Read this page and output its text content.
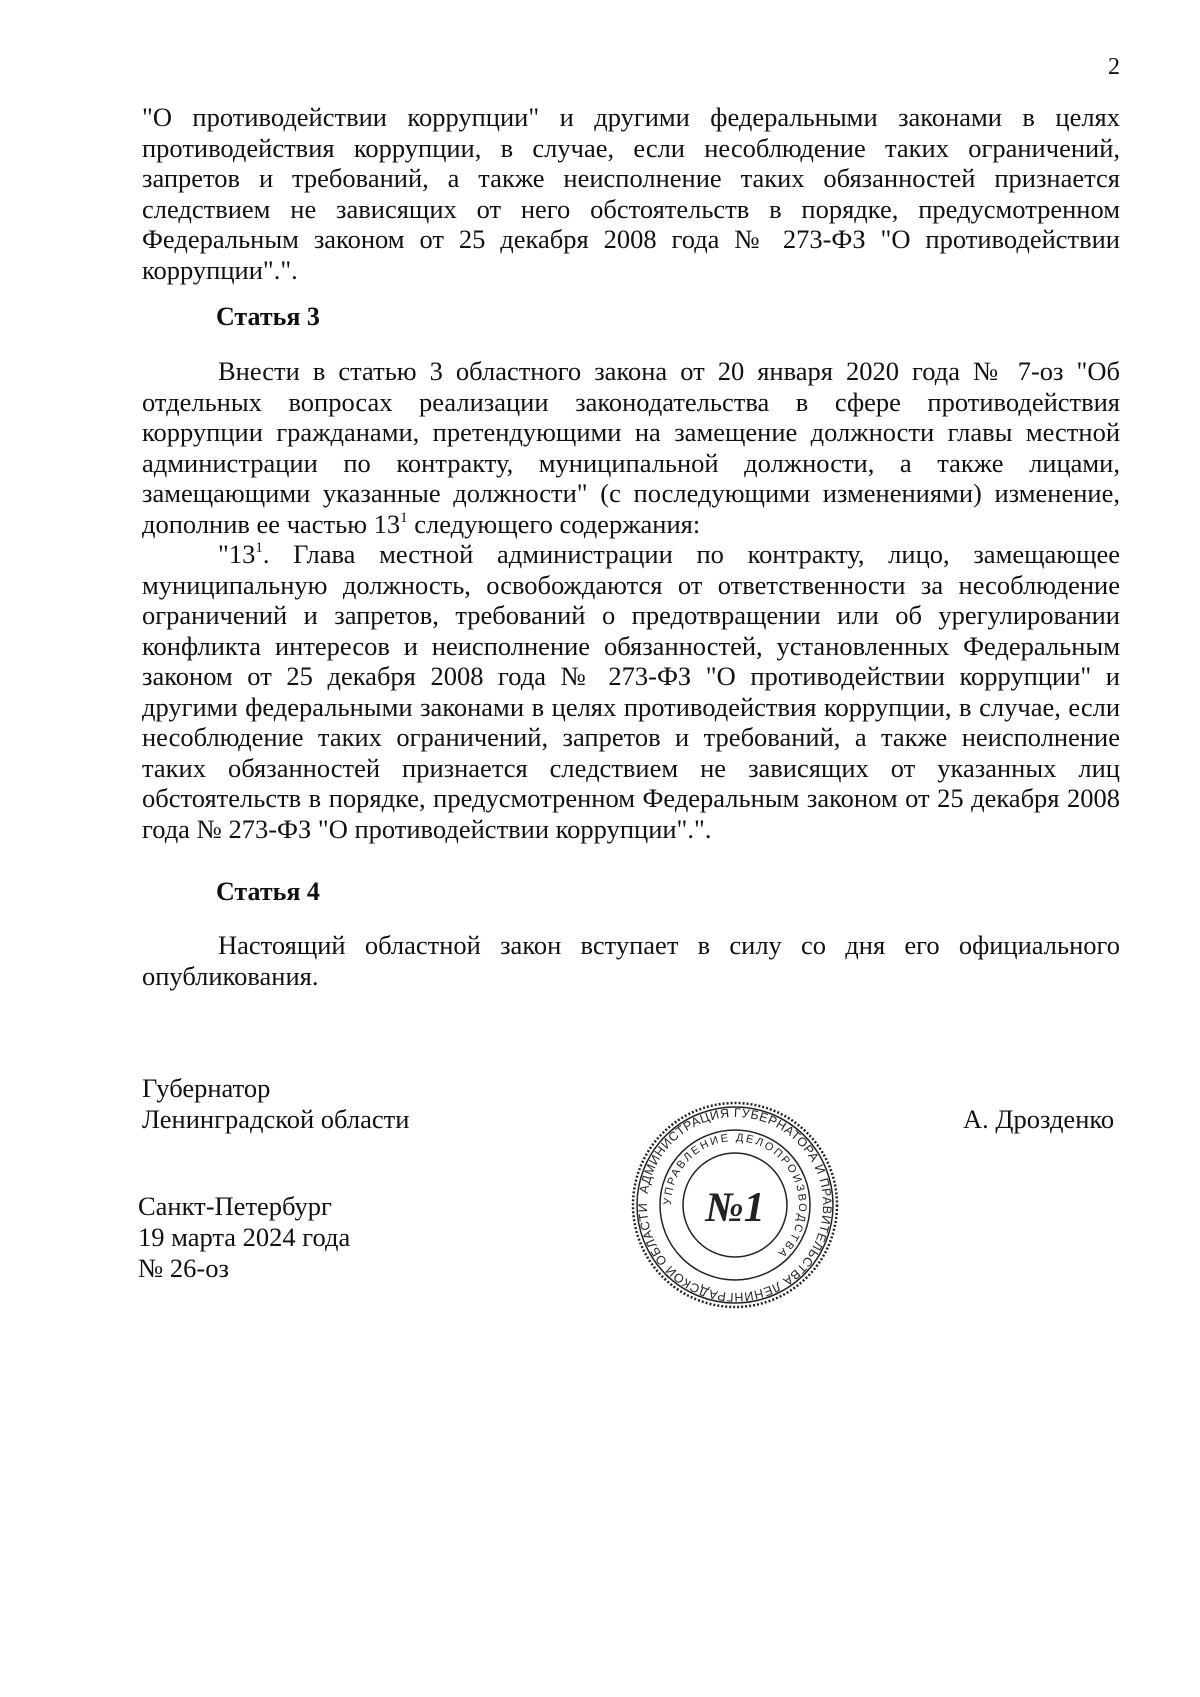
2

"О противодействии коррупции" и другими федеральными законами в целях противодействия коррупции, в случае, если несоблюдение таких ограничений, запретов и требований, а также неисполнение таких обязанностей признается следствием не зависящих от него обстоятельств в порядке, предусмотренном Федеральным законом от 25 декабря 2008 года № 273-ФЗ "О противодействии коррупции".".

Статья 3

Внести в статью 3 областного закона от 20 января 2020 года № 7-оз "Об отдельных вопросах реализации законодательства в сфере противодействия коррупции гражданами, претендующими на замещение должности главы местной администрации по контракту, муниципальной должности, а также лицами, замещающими указанные должности" (с последующими изменениями) изменение, дополнив ее частью $13^1$ следующего содержания:

"$13^1$. Глава местной администрации по контракту, лицо, замещающее муниципальную должность, освобождаются от ответственности за несоблюдение ограничений и запретов, требований о предотвращении или об урегулировании конфликта интересов и неисполнение обязанностей, установленных Федеральным законом от 25 декабря 2008 года № 273-ФЗ "О противодействии коррупции" и другими федеральными законами в целях противодействия коррупции, в случае, если несоблюдение таких ограничений, запретов и требований, а также неисполнение таких обязанностей признается следствием не зависящих от указанных лиц обстоятельств в порядке, предусмотренном Федеральным законом от 25 декабря 2008 года № 273-ФЗ "О противодействии коррупции".".

Статья 4

Настоящий областной закон вступает в силу со дня его официального опубликования.

Губернатор
Ленинградской области	А. Дрозденко
АДМИНИСТРАЦИЯ ГУБЕРНАТОРА И ПРАВИТЕЛЬСТВА ЛЕНИНГРАДСКОЙ ОБЛАСТИ
УПРАВЛЕНИЕ ДЕЛОПРОИЗВОДСТВА
№1
Санкт-Петербург
19 марта 2024 года
№ 26-оз
